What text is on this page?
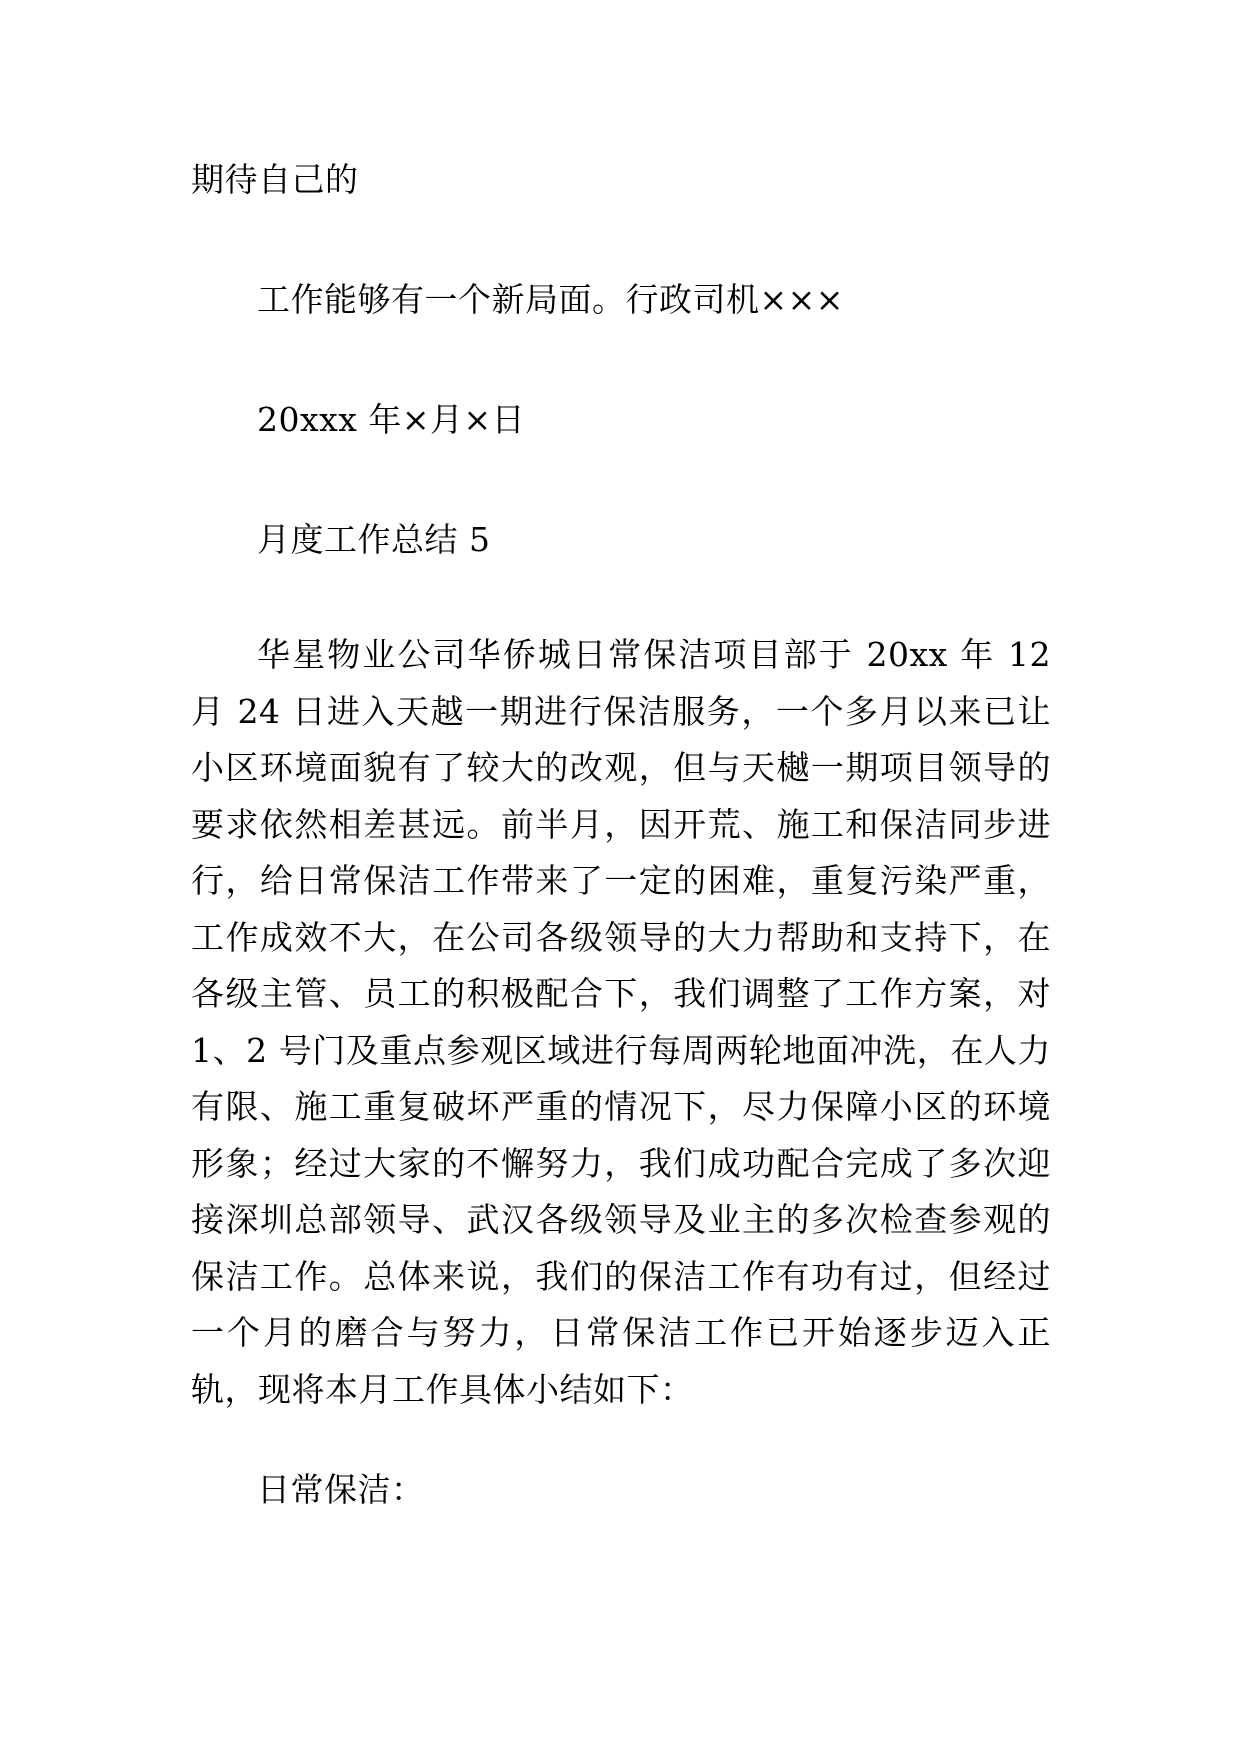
期待自己的
工作能够有一个新局面。行政司机×××
20xxx 年×月×日
月度工作总结 5
华星物业公司华侨城日常保洁项目部于 20xx 年 12 月 24 日进入天越一期进行保洁服务，一个多月以来已让小区环境面貌有了较大的改观，但与天樾一期项目领导的要求依然相差甚远。前半月，因开荒、施工和保洁同步进行，给日常保洁工作带来了一定的困难，重复污染严重，工作成效不大，在公司各级领导的大力帮助和支持下，在各级主管、员工的积极配合下，我们调整了工作方案，对 1、2 号门及重点参观区域进行每周两轮地面冲洗，在人力有限、施工重复破坏严重的情况下，尽力保障小区的环境形象；经过大家的不懈努力，我们成功配合完成了多次迎接深圳总部领导、武汉各级领导及业主的多次检查参观的保洁工作。总体来说，我们的保洁工作有功有过，但经过一个月的磨合与努力，日常保洁工作已开始逐步迈入正轨，现将本月工作具体小结如下：
日常保洁：
